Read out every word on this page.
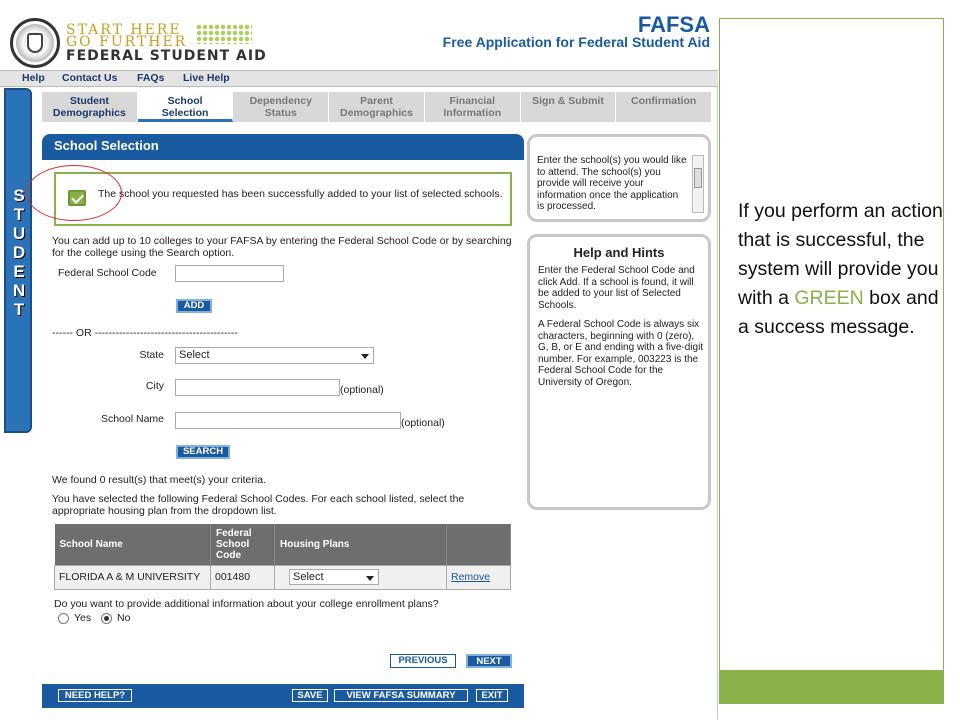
START HERE
GO FURTHER
FEDERAL STUDENT AID
FAFSA
Free Application for Federal Student Aid
Help Contact Us FAQs Live Help
S
T
U
D
E
N
T
Student
Demographics
School
Selection
Dependency
Status
Parent
Demographics
Financial
Information
Sign & Submit	Confirmation
School Selection
The school you requested has been successfully added to your list of selected schools.
You can add up to 10 colleges to your FAFSA by entering the Federal School Code or by searching for the college using the Search option.
Federal School Code
ADD
------ OR -----------------------------------------
State	Select
City	(optional)
School Name	(optional)
SEARCH
We found 0 result(s) that meet(s) your criteria.
You have selected the following Federal School Codes. For each school listed, select the appropriate housing plan from the dropdown list.
School Name	Federal School Code	Housing Plans	
FLORIDA A & M UNIVERSITY	001480	Select	Remove
Do you want to provide additional information about your college enrollment plans?
Yes No
PREVIOUS	NEXT
NEED HELP?	SAVE	VIEW FAFSA SUMMARY	EXIT
Enter the school(s) you would like to attend. The school(s) you provide will receive your information once the application is processed.
Help and Hints
Enter the Federal School Code and click Add. If a school is found, it will be added to your list of Selected Schools.
A Federal School Code is always six characters, beginning with 0 (zero), G, B, or E and ending with a five-digit number. For example, 003223 is the Federal School Code for the University of Oregon.
If you perform an action that is successful, the system will provide you with a GREEN box and a success message.
